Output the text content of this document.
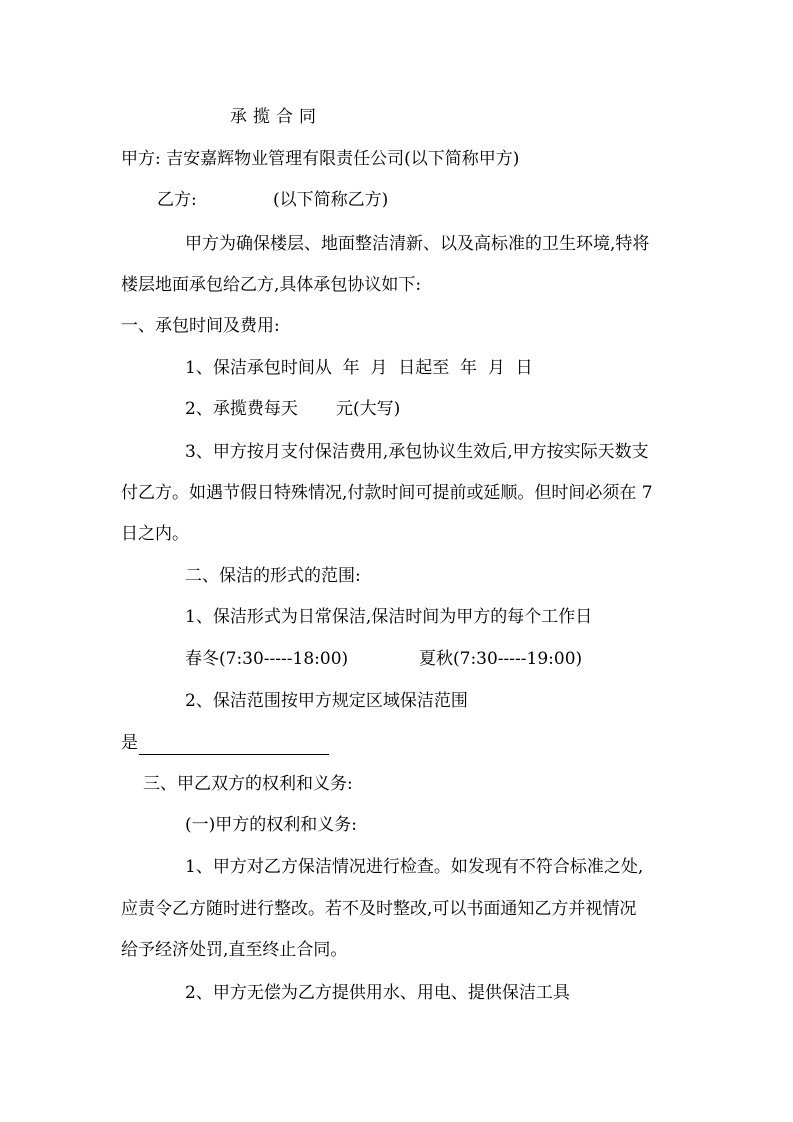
承揽合同
甲方: 吉安嘉辉物业管理有限责任公司(以下简称甲方)
乙方:	(以下简称乙方)
甲方为确保楼层、地面整洁清新、以及高标准的卫生环境,特将
楼层地面承包给乙方,具体承包协议如下:
一、承包时间及费用:
1、保洁承包时间从  年  月  日起至  年  月  日
2、承揽费每天 元(大写)
3、甲方按月支付保洁费用,承包协议生效后,甲方按实际天数支
付乙方。如遇节假日特殊情况,付款时间可提前或延顺。但时间必须在 7
日之内。
二、保洁的形式的范围:
1、保洁形式为日常保洁,保洁时间为甲方的每个工作日
春冬(7:30-----18:00)	夏秋(7:30-----19:00)
2、保洁范围按甲方规定区域保洁范围
是
三、甲乙双方的权利和义务:
(一)甲方的权利和义务:
1、甲方对乙方保洁情况进行检查。如发现有不符合标准之处,
应责令乙方随时进行整改。若不及时整改,可以书面通知乙方并视情况
给予经济处罚,直至终止合同。
2、甲方无偿为乙方提供用水、用电、提供保洁工具
